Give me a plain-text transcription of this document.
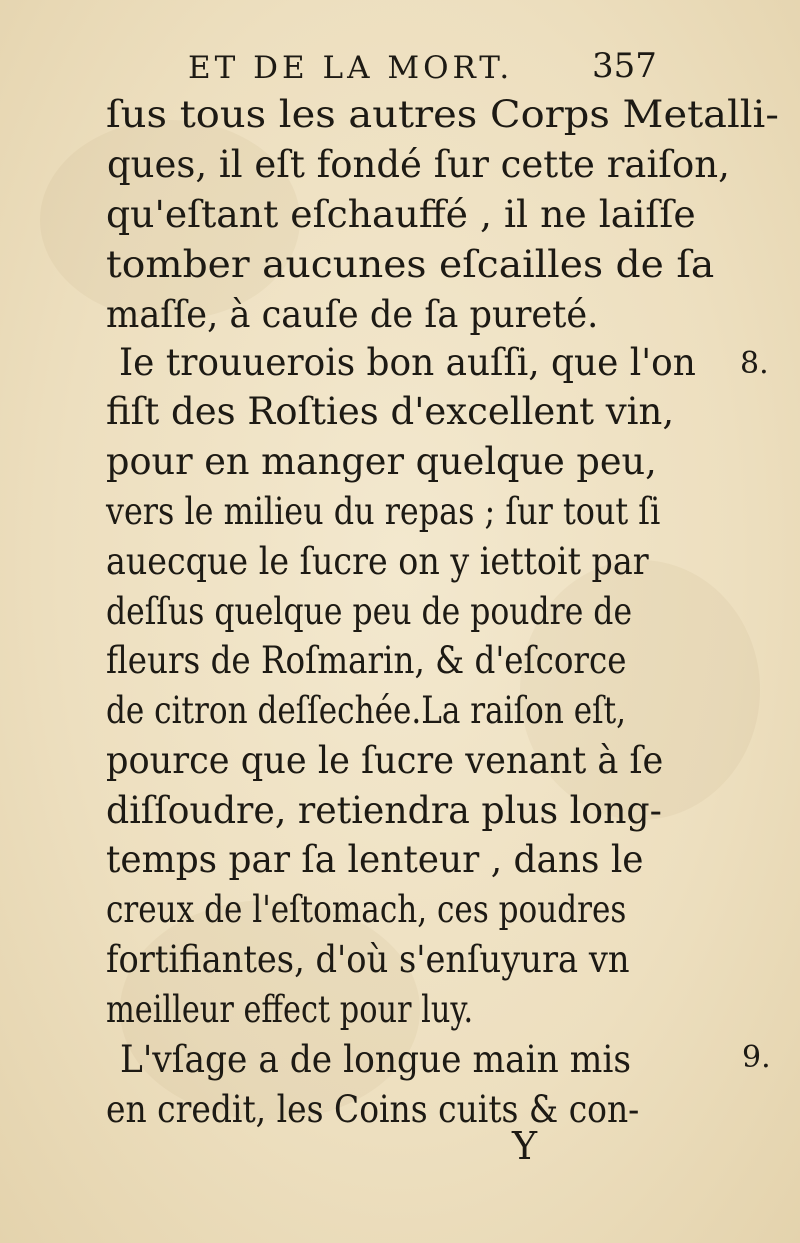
ET DE LA MORT. 357
ſus tous les autres Corps Metalli-
ques, il eſt fondé ſur cette raiſon,
qu'eſtant eſchauffé , il ne laiſſe
tomber aucunes eſcailles de ſa
maſſe, à cauſe de ſa pureté.
Ie trouuerois bon auſſi, que l'on
fiſt des Roſties d'excellent vin,
pour en manger quelque peu,
vers le milieu du repas ; ſur tout ſi
auecque le ſucre on y iettoit par
deſſus quelque peu de poudre de
fleurs de Roſmarin, & d'eſcorce
de citron deſſechée.La raiſon eſt,
pource que le ſucre venant à ſe
diſſoudre, retiendra plus long-
temps par ſa lenteur , dans le
creux de l'eſtomach, ces poudres
fortifiantes, d'où s'enſuyura vn
meilleur effect pour luy.
L'vſage a de longue main mis
en credit, les Coins cuits & con-
8.
9.
Y
